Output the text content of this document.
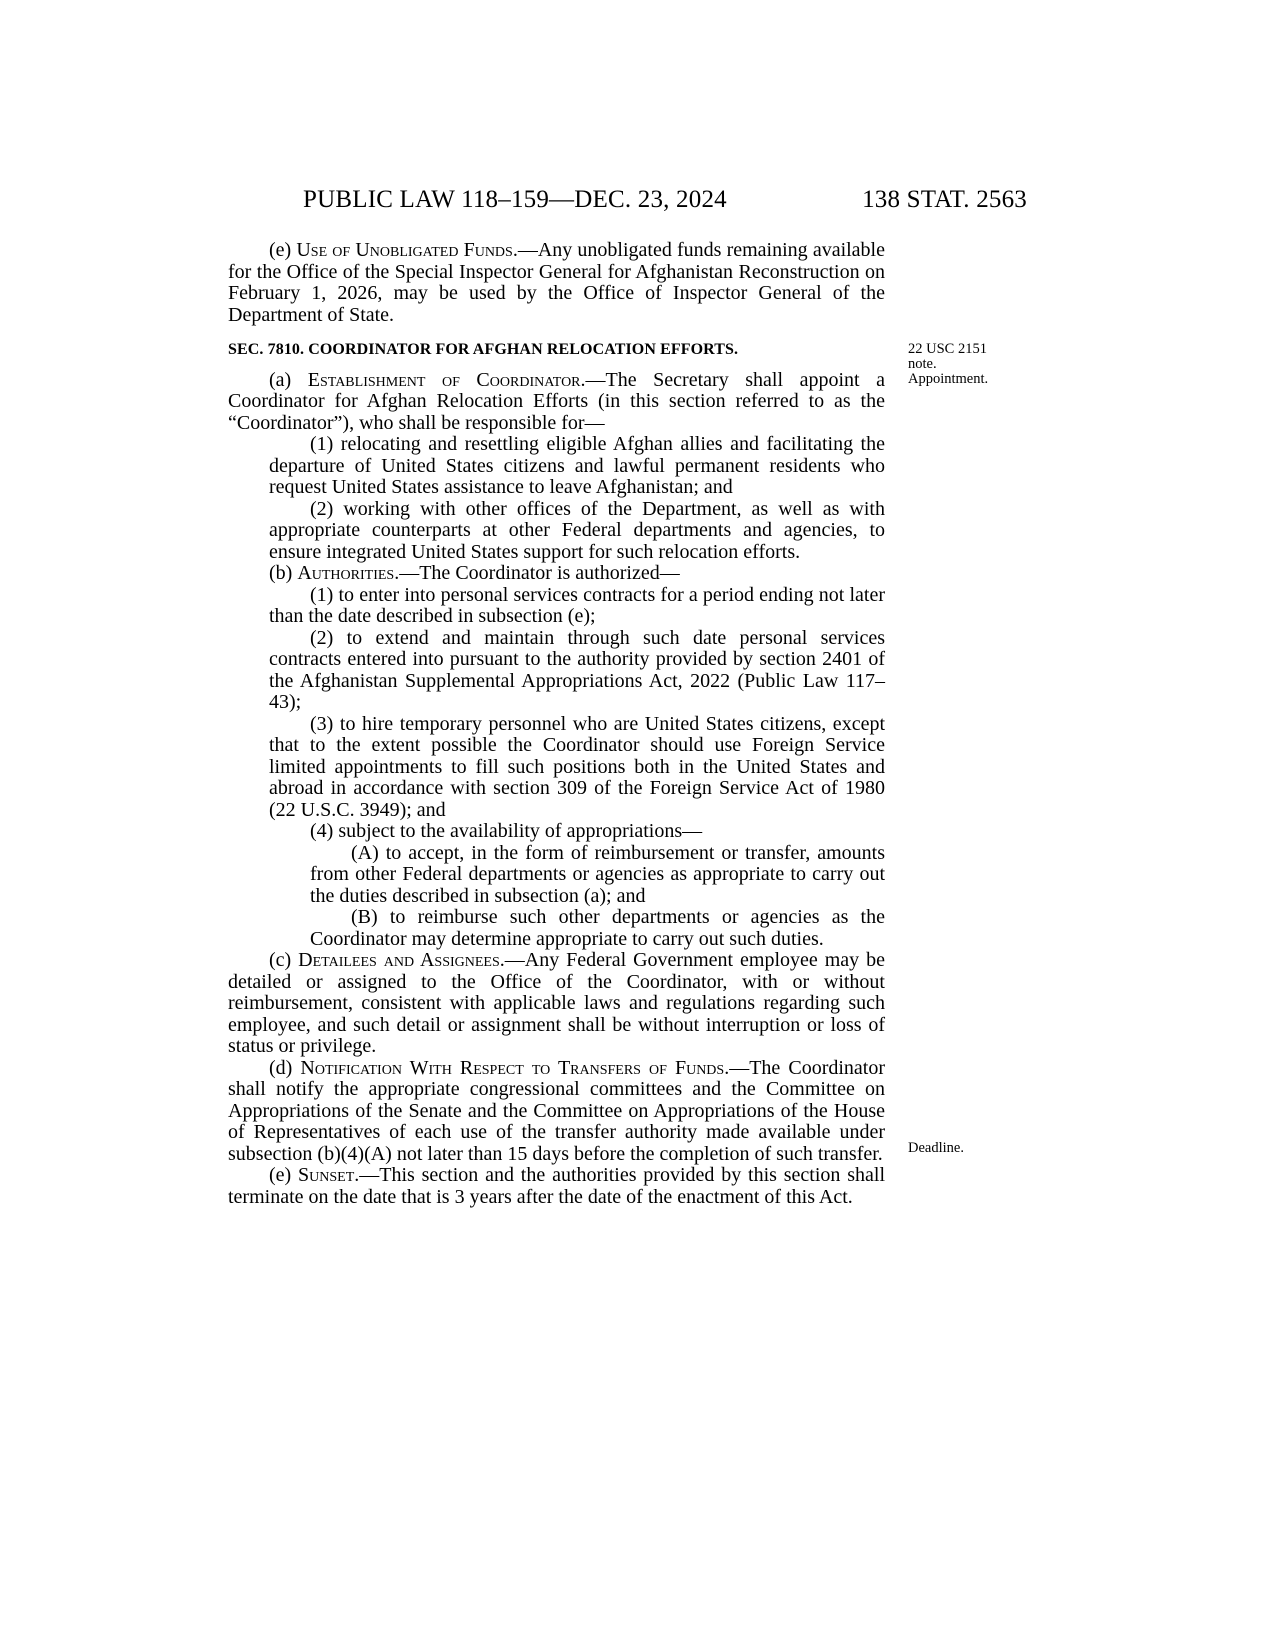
PUBLIC LAW 118–159—DEC. 23, 2024	138 STAT. 2563
22 USC 2151
note.
Appointment.
Deadline.

(e) Use of Unobligated Funds.—Any unobligated funds remaining available for the Office of the Special Inspector General for Afghanistan Reconstruction on February 1, 2026, may be used by the Office of Inspector General of the Department of State.

SEC. 7810. COORDINATOR FOR AFGHAN RELOCATION EFFORTS.

(a) Establishment of Coordinator.—The Secretary shall appoint a Coordinator for Afghan Relocation Efforts (in this section referred to as the “Coordinator”), who shall be responsible for—

(1) relocating and resettling eligible Afghan allies and facilitating the departure of United States citizens and lawful permanent residents who request United States assistance to leave Afghanistan; and

(2) working with other offices of the Department, as well as with appropriate counterparts at other Federal departments and agencies, to ensure integrated United States support for such relocation efforts.

(b) Authorities.—The Coordinator is authorized—

(1) to enter into personal services contracts for a period ending not later than the date described in subsection (e);

(2) to extend and maintain through such date personal services contracts entered into pursuant to the authority provided by section 2401 of the Afghanistan Supplemental Appropriations Act, 2022 (Public Law 117–43);

(3) to hire temporary personnel who are United States citizens, except that to the extent possible the Coordinator should use Foreign Service limited appointments to fill such positions both in the United States and abroad in accordance with section 309 of the Foreign Service Act of 1980 (22 U.S.C. 3949); and

(4) subject to the availability of appropriations—

(A) to accept, in the form of reimbursement or transfer, amounts from other Federal departments or agencies as appropriate to carry out the duties described in subsection (a); and

(B) to reimburse such other departments or agencies as the Coordinator may determine appropriate to carry out such duties.

(c) Detailees and Assignees.—Any Federal Government employee may be detailed or assigned to the Office of the Coordinator, with or without reimbursement, consistent with applicable laws and regulations regarding such employee, and such detail or assignment shall be without interruption or loss of status or privilege.

(d) Notification With Respect to Transfers of Funds.—The Coordinator shall notify the appropriate congressional committees and the Committee on Appropriations of the Senate and the Committee on Appropriations of the House of Representatives of each use of the transfer authority made available under subsection (b)(4)(A) not later than 15 days before the completion of such transfer.

(e) Sunset.—This section and the authorities provided by this section shall terminate on the date that is 3 years after the date of the enactment of this Act.
